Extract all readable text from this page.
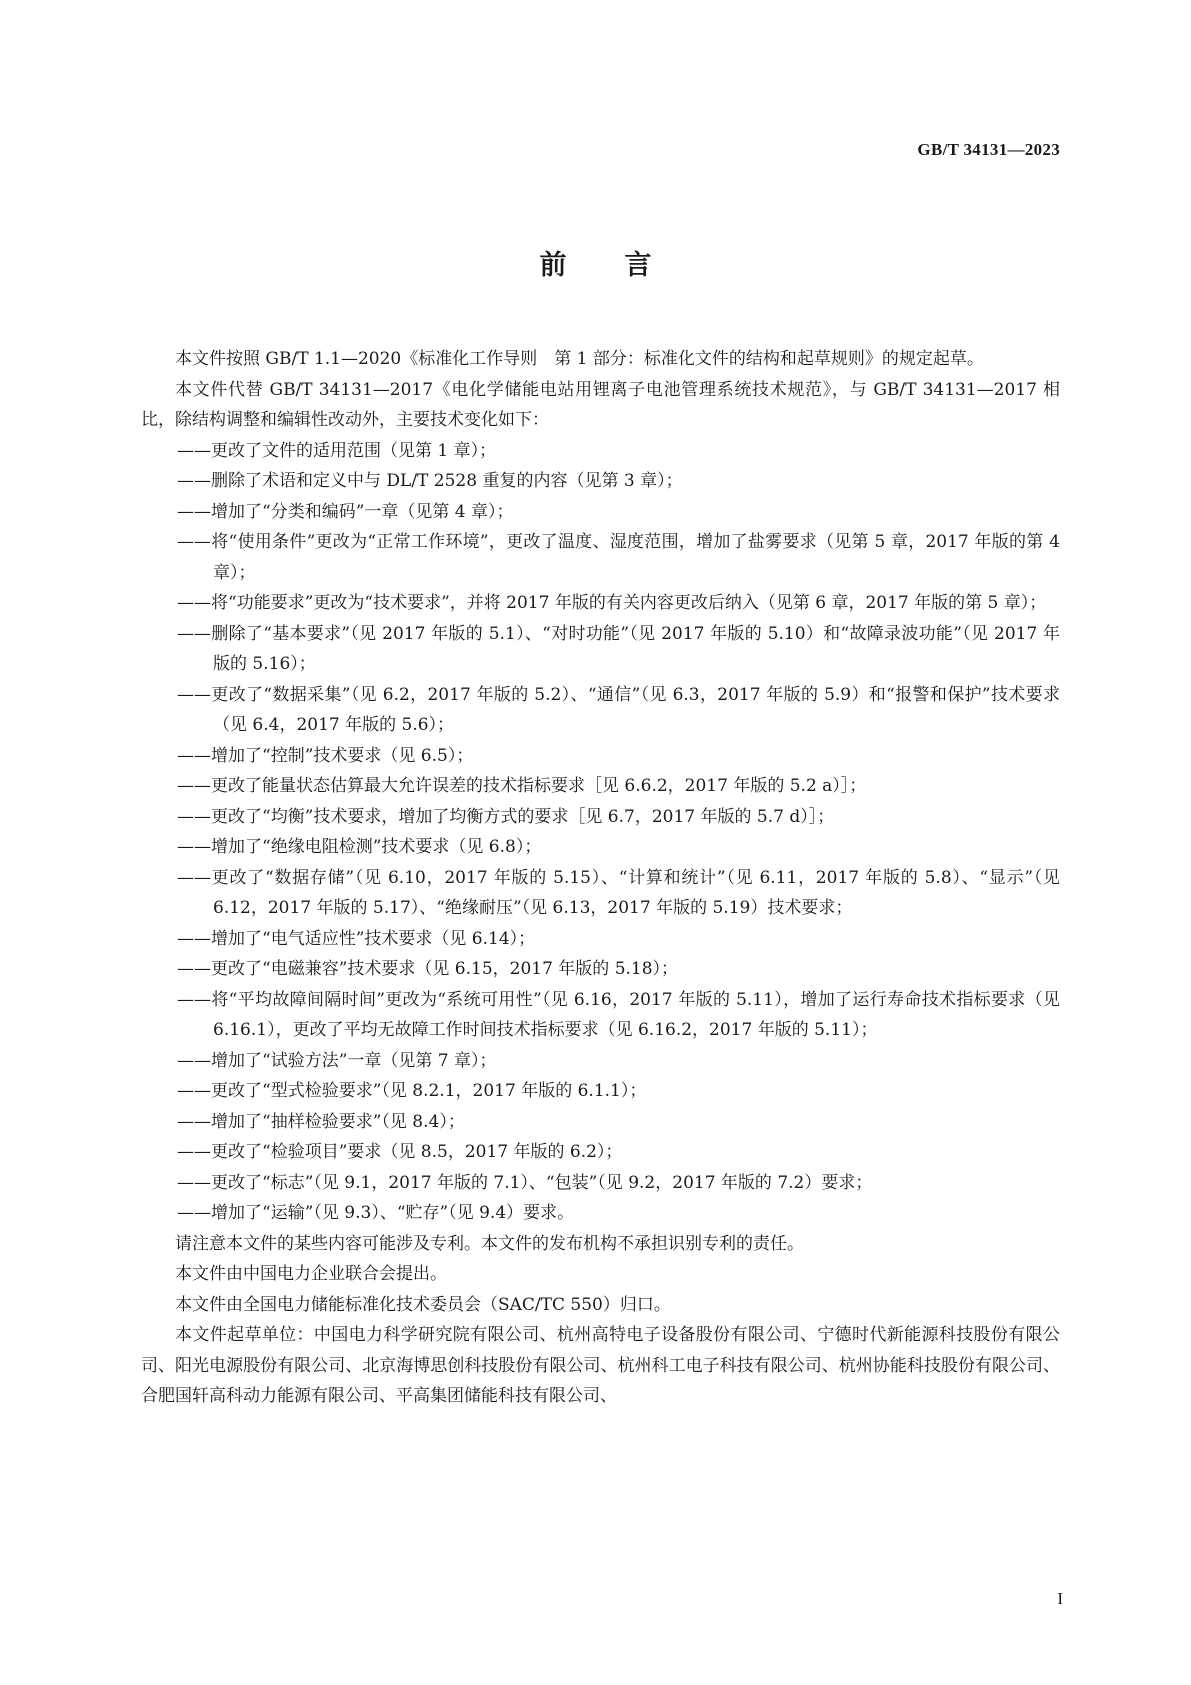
GB/T 34131—2023
前言

本文件按照 GB/T 1.1—2020《标准化工作导则　第 1 部分：标准化文件的结构和起草规则》的规定起草。

本文件代替 GB/T 34131—2017《电化学储能电站用锂离子电池管理系统技术规范》，与 GB/T 34131—2017 相比，除结构调整和编辑性改动外，主要技术变化如下：

——更改了文件的适用范围（见第 1 章）；

——删除了术语和定义中与 DL/T 2528 重复的内容（见第 3 章）；

——增加了“分类和编码”一章（见第 4 章）；

——将“使用条件”更改为“正常工作环境”，更改了温度、湿度范围，增加了盐雾要求（见第 5 章，2017 年版的第 4 章）；

——将“功能要求”更改为“技术要求”，并将 2017 年版的有关内容更改后纳入（见第 6 章，2017 年版的第 5 章）；

——删除了“基本要求”（见 2017 年版的 5.1）、“对时功能”（见 2017 年版的 5.10）和“故障录波功能”（见 2017 年版的 5.16）；

——更改了“数据采集”（见 6.2，2017 年版的 5.2）、“通信”（见 6.3，2017 年版的 5.9）和“报警和保护”技术要求（见 6.4，2017 年版的 5.6）；

——增加了“控制”技术要求（见 6.5）；

——更改了能量状态估算最大允许误差的技术指标要求［见 6.6.2，2017 年版的 5.2 a）］；

——更改了“均衡”技术要求，增加了均衡方式的要求［见 6.7，2017 年版的 5.7 d）］；

——增加了“绝缘电阻检测”技术要求（见 6.8）；

——更改了“数据存储”（见 6.10，2017 年版的 5.15）、“计算和统计”（见 6.11，2017 年版的 5.8）、“显示”（见 6.12，2017 年版的 5.17）、“绝缘耐压”（见 6.13，2017 年版的 5.19）技术要求；

——增加了“电气适应性”技术要求（见 6.14）；

——更改了“电磁兼容”技术要求（见 6.15，2017 年版的 5.18）；

——将“平均故障间隔时间”更改为“系统可用性”（见 6.16，2017 年版的 5.11），增加了运行寿命技术指标要求（见 6.16.1），更改了平均无故障工作时间技术指标要求（见 6.16.2，2017 年版的 5.11）；

——增加了“试验方法”一章（见第 7 章）；

——更改了“型式检验要求”（见 8.2.1，2017 年版的 6.1.1）；

——增加了“抽样检验要求”（见 8.4）；

——更改了“检验项目”要求（见 8.5，2017 年版的 6.2）；

——更改了“标志”（见 9.1，2017 年版的 7.1）、“包装”（见 9.2，2017 年版的 7.2）要求；

——增加了“运输”（见 9.3）、“贮存”（见 9.4）要求。

请注意本文件的某些内容可能涉及专利。本文件的发布机构不承担识别专利的责任。

本文件由中国电力企业联合会提出。

本文件由全国电力储能标准化技术委员会（SAC/TC 550）归口。

本文件起草单位：中国电力科学研究院有限公司、杭州高特电子设备股份有限公司、宁德时代新能源科技股份有限公司、阳光电源股份有限公司、北京海博思创科技股份有限公司、杭州科工电子科技有限公司、杭州协能科技股份有限公司、合肥国轩高科动力能源有限公司、平高集团储能科技有限公司、

I
